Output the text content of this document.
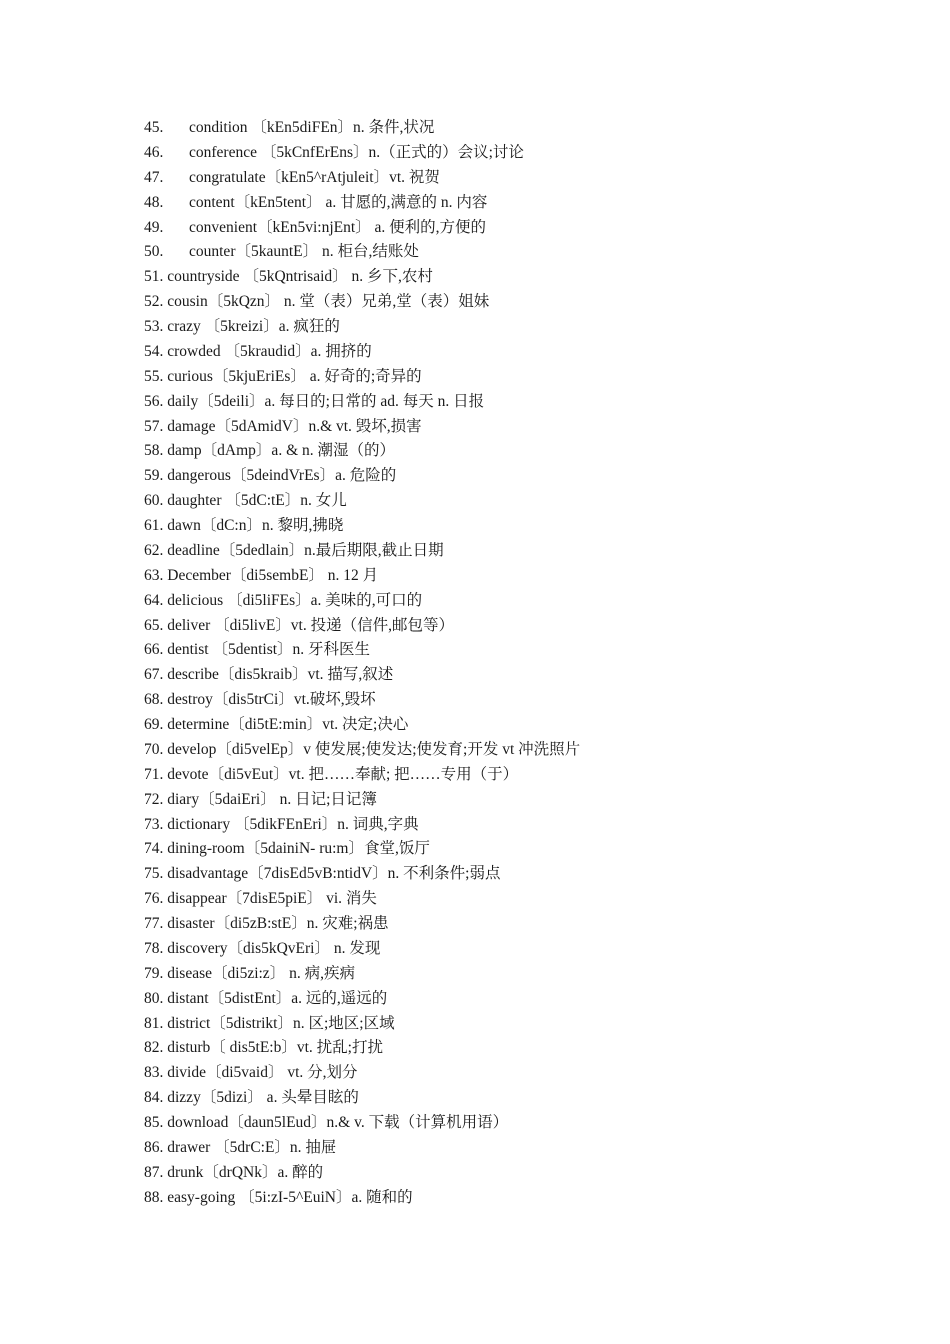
45. condition 〔kEn5diFEn〕n. 条件,状况
46. conference 〔5kCnfErEns〕n.（正式的）会议;讨论
47. congratulate〔kEn5^rAtjuleit〕vt. 祝贺
48. content〔kEn5tent〕 a. 甘愿的,满意的 n. 内容
49. convenient〔kEn5vi:njEnt〕 a. 便利的,方便的
50. counter〔5kauntE〕 n. 柜台,结账处
51. countryside 〔5kQntrisaid〕 n. 乡下,农村
52. cousin〔5kQzn〕 n. 堂（表）兄弟,堂（表）姐妹
53. crazy 〔5kreizi〕a. 疯狂的
54. crowded 〔5kraudid〕a. 拥挤的
55. curious〔5kjuEriEs〕 a. 好奇的;奇异的
56. daily〔5deili〕a. 每日的;日常的 ad. 每天 n. 日报
57. damage〔5dAmidV〕n.& vt. 毁坏,损害
58. damp〔dAmp〕a. & n. 潮湿（的）
59. dangerous〔5deindVrEs〕a. 危险的
60. daughter 〔5dC:tE〕n. 女儿
61. dawn〔dC:n〕n. 黎明,拂晓
62. deadline〔5dedlain〕n.最后期限,截止日期
63. December〔di5sembE〕 n. 12 月
64. delicious 〔di5liFEs〕a. 美味的,可口的
65. deliver 〔di5livE〕vt. 投递（信件,邮包等）
66. dentist 〔5dentist〕n. 牙科医生
67. describe〔dis5kraib〕vt. 描写,叙述
68. destroy〔dis5trCi〕vt.破坏,毁坏
69. determine〔di5tE:min〕vt. 决定;决心
70. develop〔di5velEp〕v 使发展;使发达;使发育;开发 vt 冲洗照片
71. devote〔di5vEut〕vt. 把……奉献; 把……专用（于）
72. diary〔5daiEri〕 n. 日记;日记簿
73. dictionary 〔5dikFEnEri〕n. 词典,字典
74. dining-room〔5dainiN- ru:m〕食堂,饭厅
75. disadvantage〔7disEd5vB:ntidV〕n. 不利条件;弱点
76. disappear〔7disE5piE〕 vi. 消失
77. disaster〔di5zB:stE〕n. 灾难;祸患
78. discovery〔dis5kQvEri〕 n. 发现
79. disease〔di5zi:z〕 n. 病,疾病
80. distant〔5distEnt〕a. 远的,遥远的
81. district〔5distrikt〕n. 区;地区;区域
82. disturb〔 dis5tE:b〕vt. 扰乱;打扰
83. divide〔di5vaid〕 vt. 分,划分
84. dizzy〔5dizi〕 a. 头晕目眩的
85. download〔daun5lEud〕n.& v. 下载（计算机用语）
86. drawer 〔5drC:E〕n. 抽屉
87. drunk〔drQNk〕a. 醉的
88. easy-going 〔5i:zI-5^EuiN〕a. 随和的
